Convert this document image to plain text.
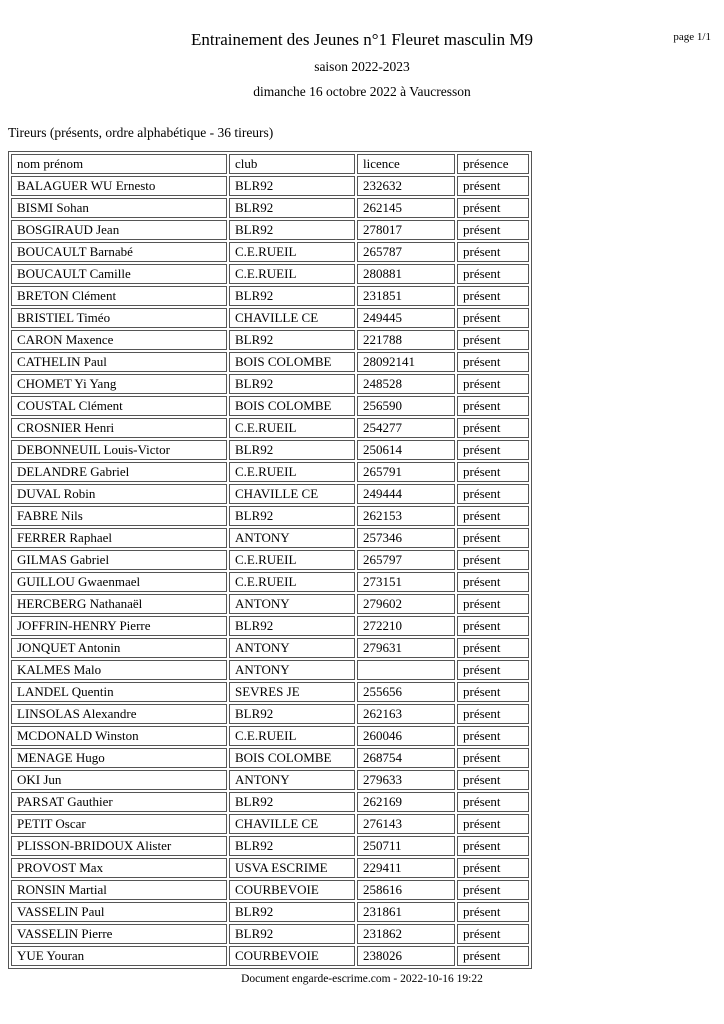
page 1/1
Entrainement des Jeunes n°1 Fleuret masculin M9
saison 2022-2023
dimanche 16 octobre 2022 à Vaucresson
Tireurs (présents, ordre alphabétique - 36 tireurs)
nom prénom	club	licence	présence
BALAGUER WU Ernesto	BLR92	232632	présent
BISMI Sohan	BLR92	262145	présent
BOSGIRAUD Jean	BLR92	278017	présent
BOUCAULT Barnabé	C.E.RUEIL	265787	présent
BOUCAULT Camille	C.E.RUEIL	280881	présent
BRETON Clément	BLR92	231851	présent
BRISTIEL Timéo	CHAVILLE CE	249445	présent
CARON Maxence	BLR92	221788	présent
CATHELIN Paul	BOIS COLOMBE	28092141	présent
CHOMET Yi Yang	BLR92	248528	présent
COUSTAL Clément	BOIS COLOMBE	256590	présent
CROSNIER Henri	C.E.RUEIL	254277	présent
DEBONNEUIL Louis-Victor	BLR92	250614	présent
DELANDRE Gabriel	C.E.RUEIL	265791	présent
DUVAL Robin	CHAVILLE CE	249444	présent
FABRE Nils	BLR92	262153	présent
FERRER Raphael	ANTONY	257346	présent
GILMAS Gabriel	C.E.RUEIL	265797	présent
GUILLOU Gwaenmael	C.E.RUEIL	273151	présent
HERCBERG Nathanaël	ANTONY	279602	présent
JOFFRIN-HENRY Pierre	BLR92	272210	présent
JONQUET Antonin	ANTONY	279631	présent
KALMES Malo	ANTONY		présent
LANDEL Quentin	SEVRES JE	255656	présent
LINSOLAS Alexandre	BLR92	262163	présent
MCDONALD Winston	C.E.RUEIL	260046	présent
MENAGE Hugo	BOIS COLOMBE	268754	présent
OKI Jun	ANTONY	279633	présent
PARSAT Gauthier	BLR92	262169	présent
PETIT Oscar	CHAVILLE CE	276143	présent
PLISSON-BRIDOUX Alister	BLR92	250711	présent
PROVOST Max	USVA ESCRIME	229411	présent
RONSIN Martial	COURBEVOIE	258616	présent
VASSELIN Paul	BLR92	231861	présent
VASSELIN Pierre	BLR92	231862	présent
YUE Youran	COURBEVOIE	238026	présent
Document engarde-escrime.com - 2022-10-16 19:22
